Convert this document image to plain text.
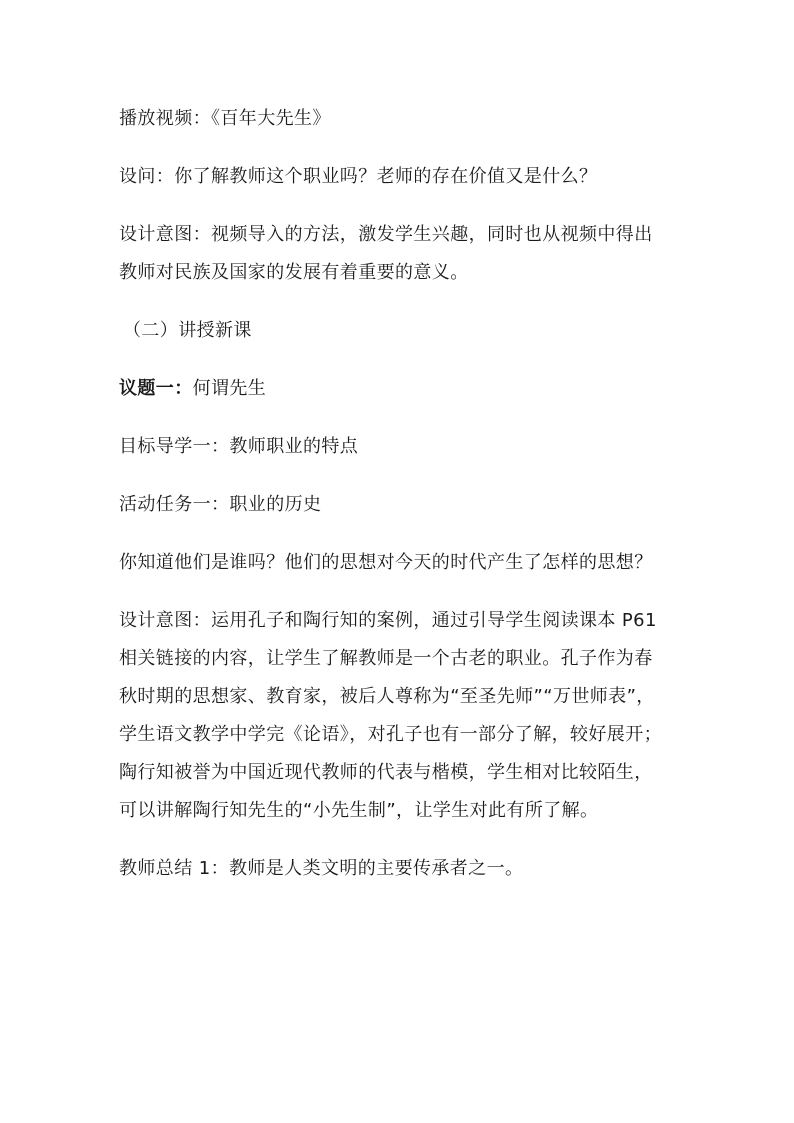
播放视频：《百年大先生》

设问：你了解教师这个职业吗？老师的存在价值又是什么？

设计意图：视频导入的方法，激发学生兴趣，同时也从视频中得出教师对民族及国家的发展有着重要的意义。

（二）讲授新课

议题一：何谓先生

目标导学一：教师职业的特点

活动任务一：职业的历史

你知道他们是谁吗？他们的思想对今天的时代产生了怎样的思想？

设计意图：运用孔子和陶行知的案例，通过引导学生阅读课本 P61 相关链接的内容，让学生了解教师是一个古老的职业。孔子作为春秋时期的思想家、教育家，被后人尊称为“至圣先师”“万世师表”，学生语文教学中学完《论语》，对孔子也有一部分了解，较好展开；陶行知被誉为中国近现代教师的代表与楷模，学生相对比较陌生，可以讲解陶行知先生的“小先生制”，让学生对此有所了解。

教师总结 1：教师是人类文明的主要传承者之一。
